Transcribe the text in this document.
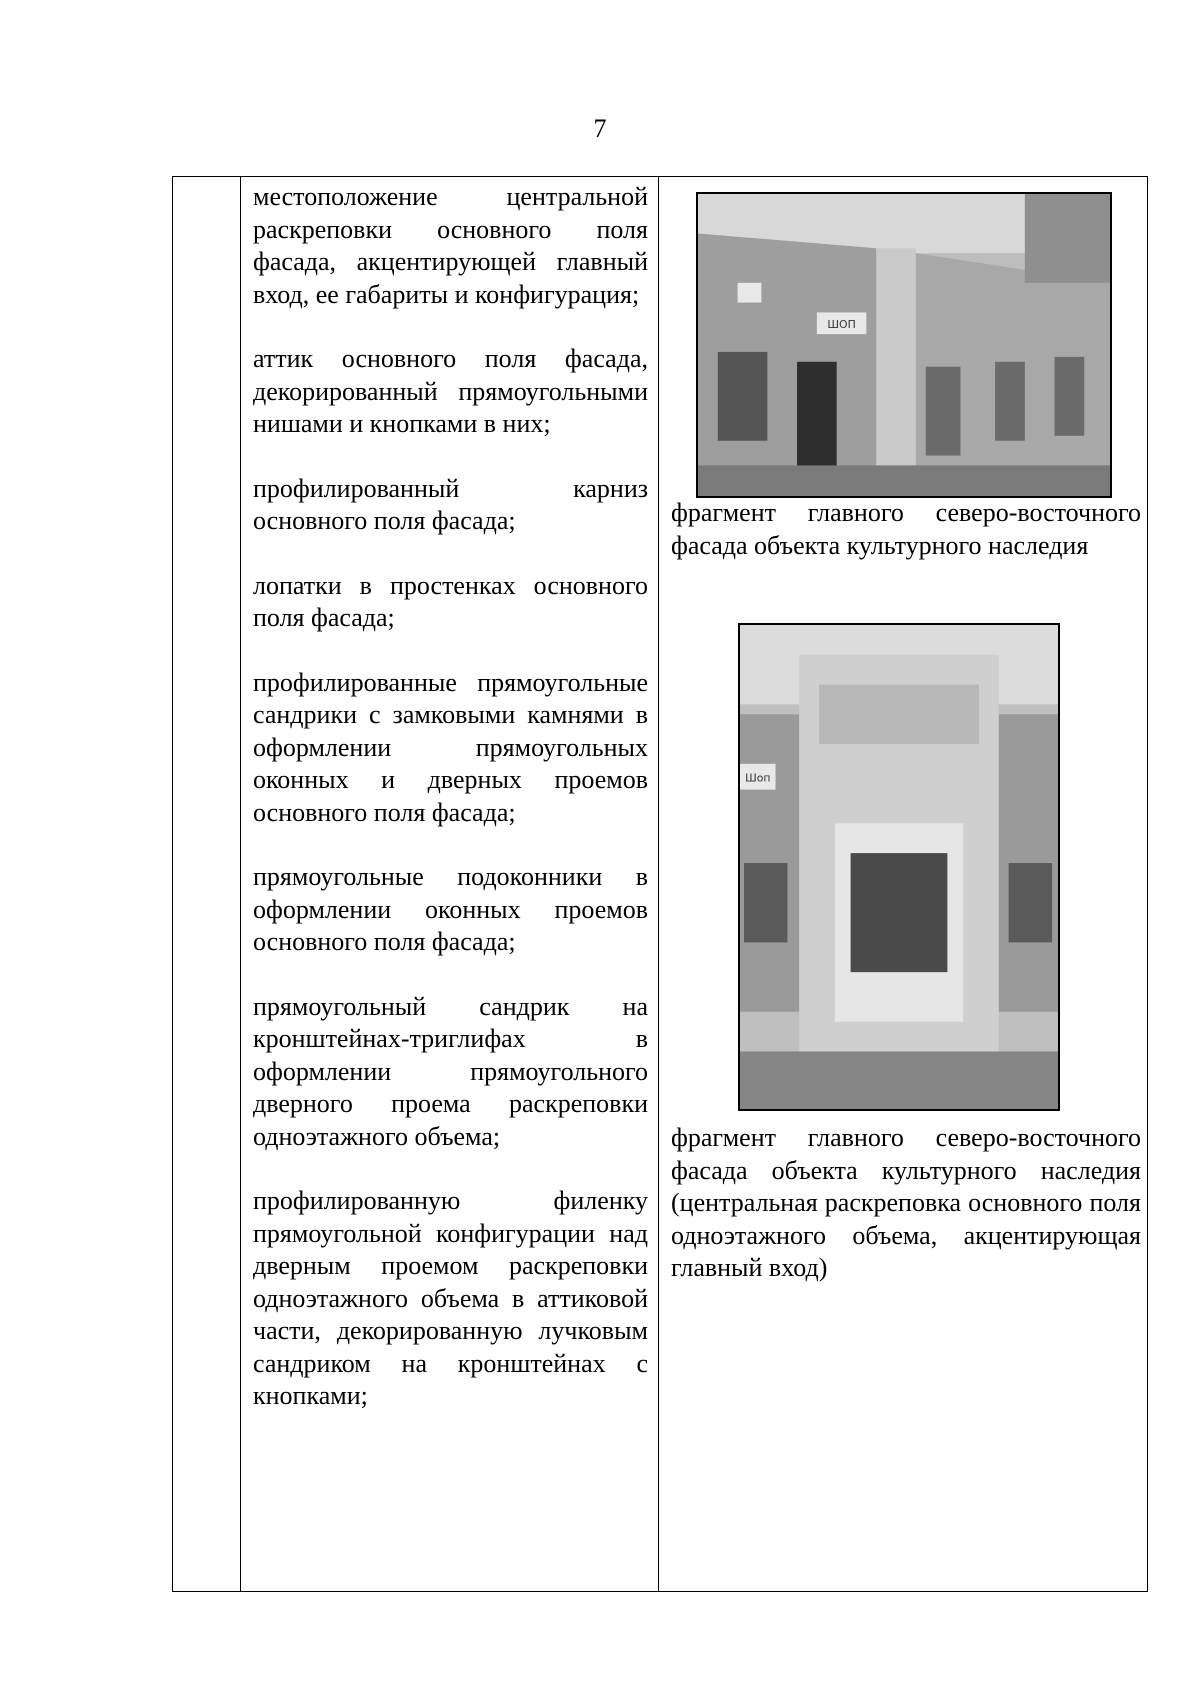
7

местоположение центральной раскреповки основного поля фасада, акцентирующей главный вход, ее габариты и конфигурация;

аттик основного поля фасада, декорированный прямоугольными нишами и кнопками в них;

профилированный карниз основного поля фасада;

лопатки в простенках основного поля фасада;

профилированные прямоугольные сандрики с замковыми камнями в оформлении прямоугольных оконных и дверных проемов основного поля фасада;

прямоугольные подоконники в оформлении оконных проемов основного поля фасада;

прямоугольный сандрик на кронштейнах-триглифах в оформлении прямоугольного дверного проема раскреповки одноэтажного объема;

профилированную филенку прямоугольной конфигурации над дверным проемом раскреповки одноэтажного объема в аттиковой части, декорированную лучковым сандриком на кронштейнах с кнопками;

ШОП
фрагмент главного северо-восточного фасада объекта культурного наследия
Шоп
фрагмент главного северо-восточного фасада объекта культурного наследия (центральная раскреповка основного поля одноэтажного объема, акцентирующая главный вход)
